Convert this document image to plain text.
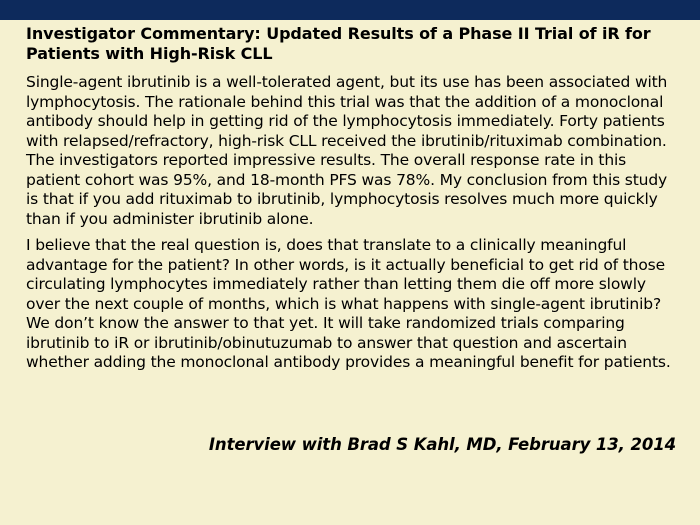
Investigator Commentary: Updated Results of a Phase II Trial of iR for Patients with High-Risk CLL

Single-agent ibrutinib is a well-tolerated agent, but its use has been associated with lymphocytosis. The rationale behind this trial was that the addition of a monoclonal antibody should help in getting rid of the lymphocytosis immediately. Forty patients with relapsed/refractory, high-risk CLL received the ibrutinib/rituximab combination. The investigators reported impressive results. The overall response rate in this patient cohort was 95%, and 18-month PFS was 78%. My conclusion from this study is that if you add rituximab to ibrutinib, lymphocytosis resolves much more quickly than if you administer ibrutinib alone.

I believe that the real question is, does that translate to a clinically meaningful advantage for the patient? In other words, is it actually beneficial to get rid of those circulating lymphocytes immediately rather than letting them die off more slowly over the next couple of months, which is what happens with single-agent ibrutinib? We don’t know the answer to that yet. It will take randomized trials comparing ibrutinib to iR or ibrutinib/obinutuzumab to answer that question and ascertain whether adding the monoclonal antibody provides a meaningful benefit for patients.

Interview with Brad S Kahl, MD, February 13, 2014
